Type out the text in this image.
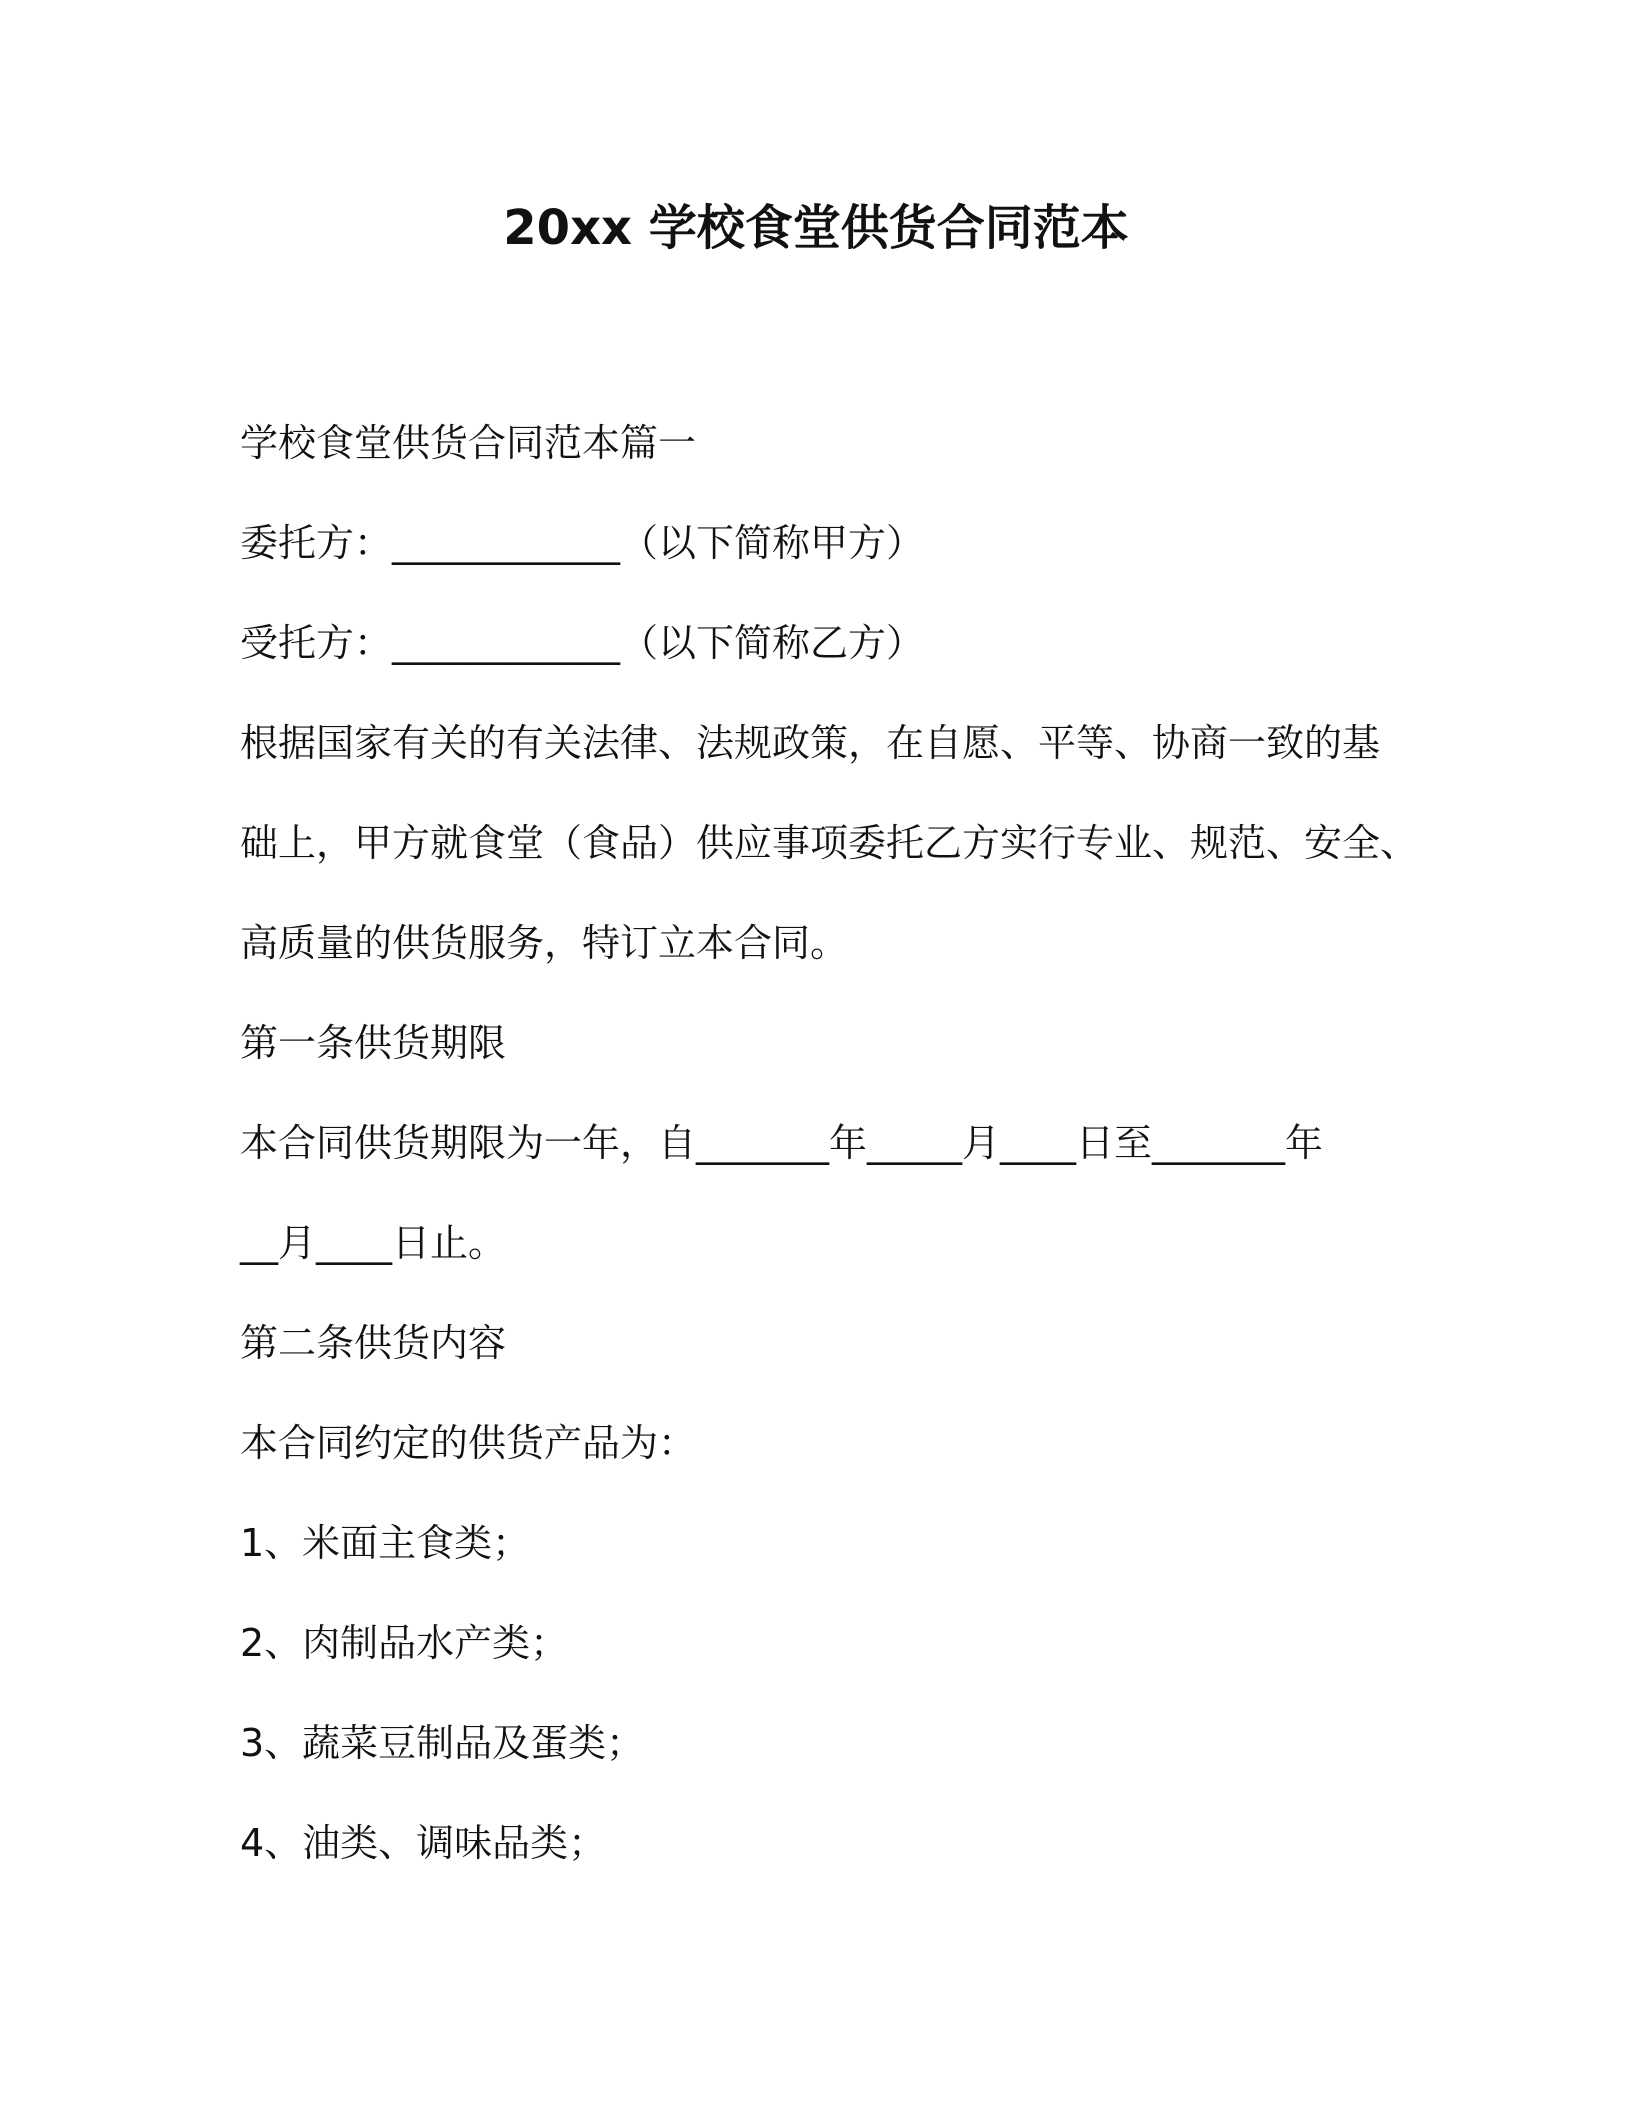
20xx 学校食堂供货合同范本

学校食堂供货合同范本篇一

委托方：____________（以下简称甲方）

受托方：____________（以下简称乙方）

根据国家有关的有关法律、法规政策，在自愿、平等、协商一致的基

础上，甲方就食堂（食品）供应事项委托乙方实行专业、规范、安全、

高质量的供货服务，特订立本合同。

第一条供货期限

本合同供货期限为一年，自_______年_____月____日至_______年

__月____日止。

第二条供货内容

本合同约定的供货产品为：

1、米面主食类；

2、肉制品水产类；

3、蔬菜豆制品及蛋类；

4、油类、调味品类；
